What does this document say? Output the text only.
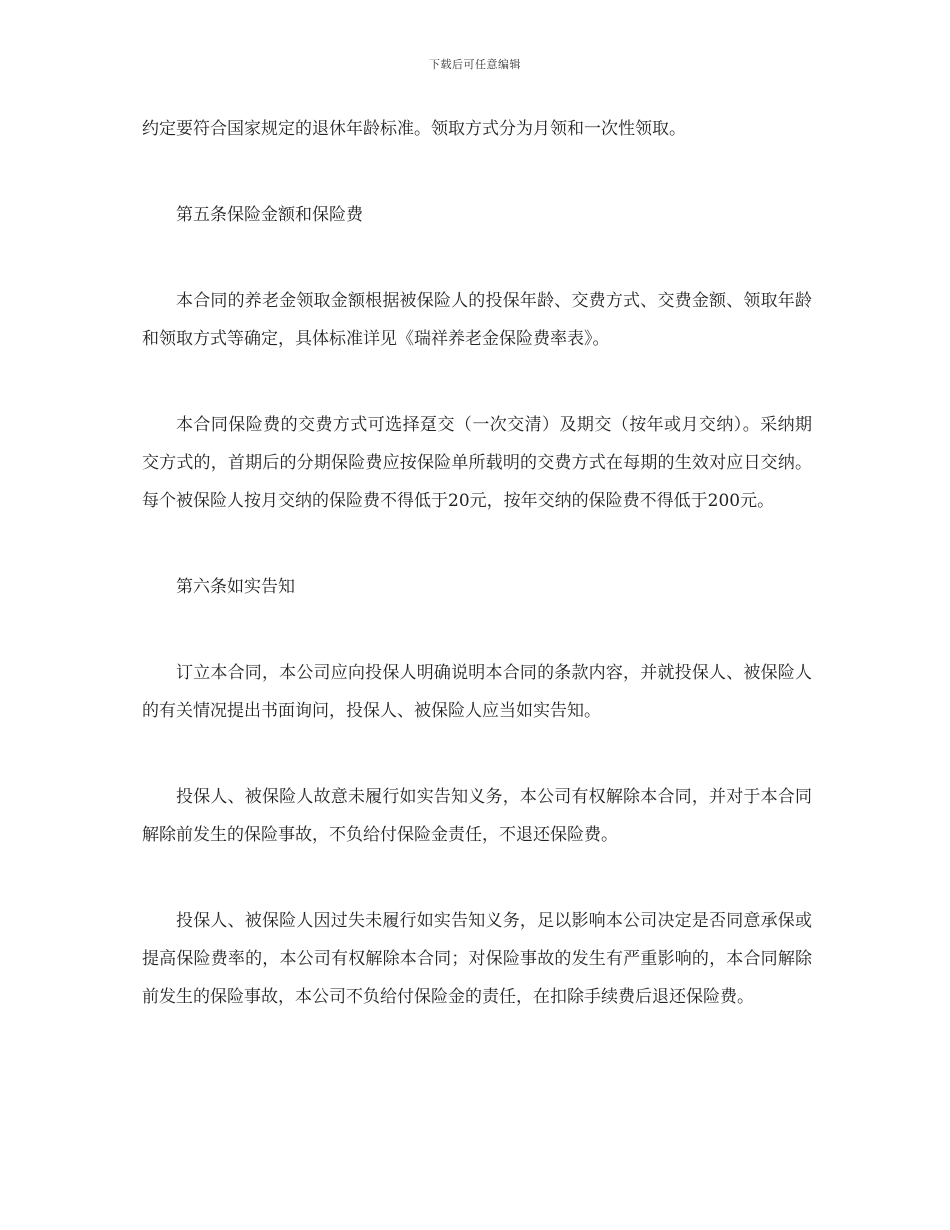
下载后可任意编辑

约定要符合国家规定的退休年龄标准。领取方式分为月领和一次性领取。

第五条保险金额和保险费

本合同的养老金领取金额根据被保险人的投保年龄、交费方式、交费金额、领取年龄和领取方式等确定，具体标准详见《瑞祥养老金保险费率表》。

本合同保险费的交费方式可选择趸交（一次交清）及期交（按年或月交纳）。采纳期交方式的，首期后的分期保险费应按保险单所载明的交费方式在每期的生效对应日交纳。每个被保险人按月交纳的保险费不得低于20元，按年交纳的保险费不得低于200元。

第六条如实告知

订立本合同，本公司应向投保人明确说明本合同的条款内容，并就投保人、被保险人的有关情况提出书面询问，投保人、被保险人应当如实告知。

投保人、被保险人故意未履行如实告知义务，本公司有权解除本合同，并对于本合同解除前发生的保险事故，不负给付保险金责任，不退还保险费。

投保人、被保险人因过失未履行如实告知义务，足以影响本公司决定是否同意承保或提高保险费率的，本公司有权解除本合同；对保险事故的发生有严重影响的，本合同解除前发生的保险事故，本公司不负给付保险金的责任，在扣除手续费后退还保险费。
